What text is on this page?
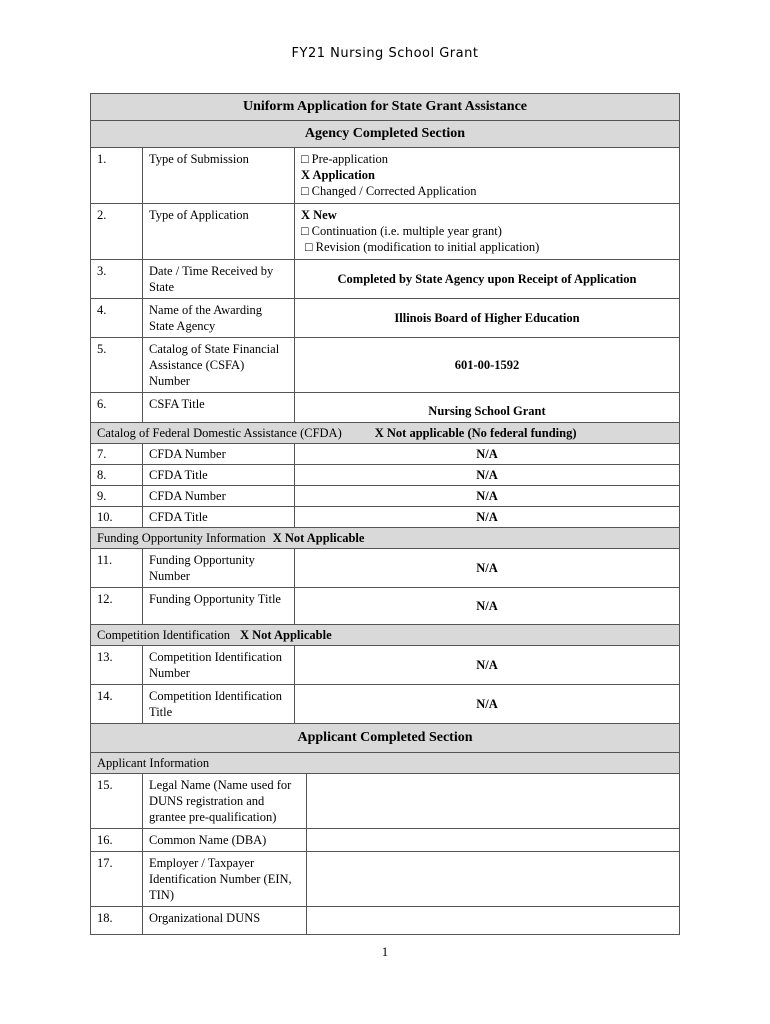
FY21 Nursing School Grant
Uniform Application for State Grant Assistance		
Agency Completed Section		
1.	Type of Submission	□ Pre-application
X Application
□ Changed / Corrected Application

2.	Type of Application	X New
□ Continuation (i.e. multiple year grant)
□ Revision (modification to initial application)

3.	Date / Time Received by State	Completed by State Agency upon Receipt of Application
4.	Name of the Awarding State Agency	Illinois Board of Higher Education
5.	Catalog of State Financial Assistance (CSFA) Number	601-00-1592
6.	CSFA Title	Nursing School Grant
Catalog of Federal Domestic Assistance (CFDA) X Not applicable (No federal funding)		
7.	CFDA Number	N/A
8.	CFDA Title	N/A
9.	CFDA Number	N/A
10.	CFDA Title	N/A
Funding Opportunity Information X Not Applicable		
11.	Funding Opportunity Number	N/A
12.	Funding Opportunity Title	N/A
Competition Identification X Not Applicable		
13.	Competition Identification Number	N/A
14.	Competition Identification Title	N/A
Applicant Completed Section		
Applicant Information		
15.	Legal Name (Name used for DUNS registration and grantee pre-qualification)	
16.	Common Name (DBA)	
17.	Employer / Taxpayer Identification Number (EIN, TIN)	
18.	Organizational DUNS	
1
